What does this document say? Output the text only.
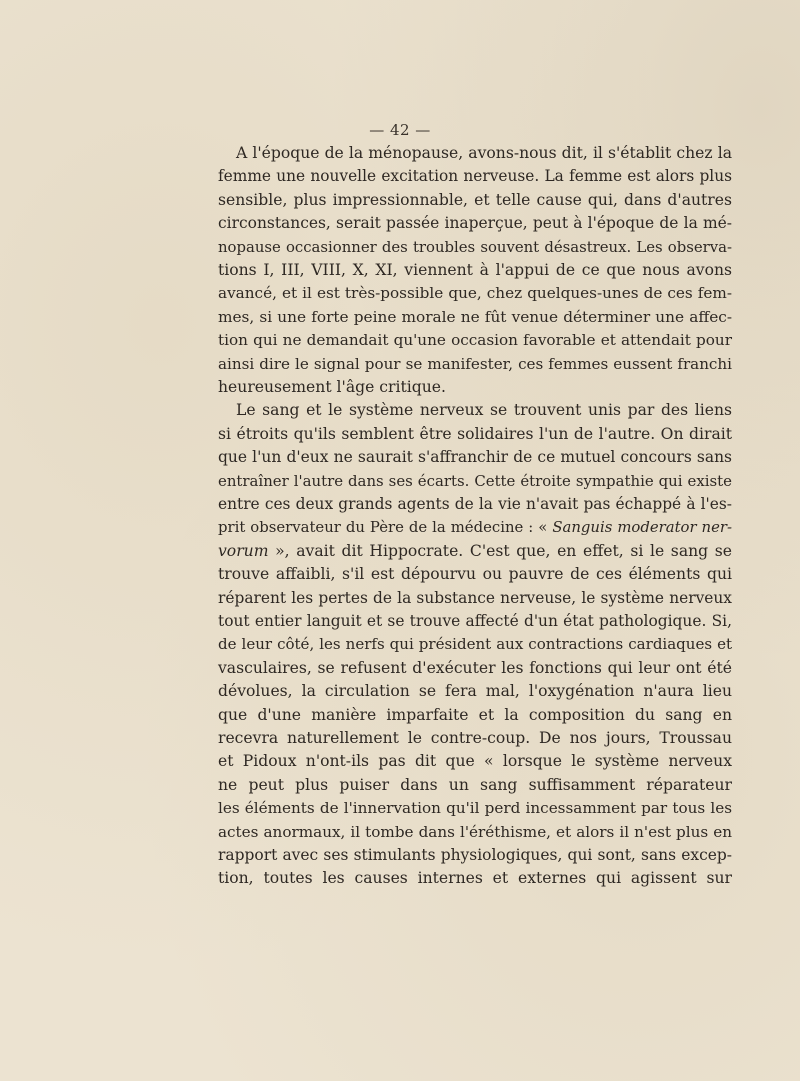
— 42 —
A l'époque de la ménopause, avons-nous dit, il s'établit chez la
femme une nouvelle excitation nerveuse. La femme est alors plus
sensible, plus impressionnable, et telle cause qui, dans d'autres
circonstances, serait passée inaperçue, peut à l'époque de la mé-
nopause occasionner des troubles souvent désastreux. Les observa-
tions I, III, VIII, X, XI, viennent à l'appui de ce que nous avons
avancé, et il est très-possible que, chez quelques-unes de ces fem-
mes, si une forte peine morale ne fût venue déterminer une affec-
tion qui ne demandait qu'une occasion favorable et attendait pour
ainsi dire le signal pour se manifester, ces femmes eussent franchi
heureusement l'âge critique.
Le sang et le système nerveux se trouvent unis par des liens
si étroits qu'ils semblent être solidaires l'un de l'autre. On dirait
que l'un d'eux ne saurait s'affranchir de ce mutuel concours sans
entraîner l'autre dans ses écarts. Cette étroite sympathie qui existe
entre ces deux grands agents de la vie n'avait pas échappé à l'es-
prit observateur du Père de la médecine : « Sanguis moderator ner-
vorum », avait dit Hippocrate. C'est que, en effet, si le sang se
trouve affaibli, s'il est dépourvu ou pauvre de ces éléments qui
réparent les pertes de la substance nerveuse, le système nerveux
tout entier languit et se trouve affecté d'un état pathologique. Si,
de leur côté, les nerfs qui président aux contractions cardiaques et
vasculaires, se refusent d'exécuter les fonctions qui leur ont été
dévolues, la circulation se fera mal, l'oxygénation n'aura lieu
que d'une manière imparfaite et la composition du sang en
recevra naturellement le contre-coup. De nos jours, Troussau
et Pidoux n'ont-ils pas dit que « lorsque le système nerveux
ne peut plus puiser dans un sang suffisamment réparateur
les éléments de l'innervation qu'il perd incessamment par tous les
actes anormaux, il tombe dans l'éréthisme, et alors il n'est plus en
rapport avec ses stimulants physiologiques, qui sont, sans excep-
tion, toutes les causes internes et externes qui agissent sur
